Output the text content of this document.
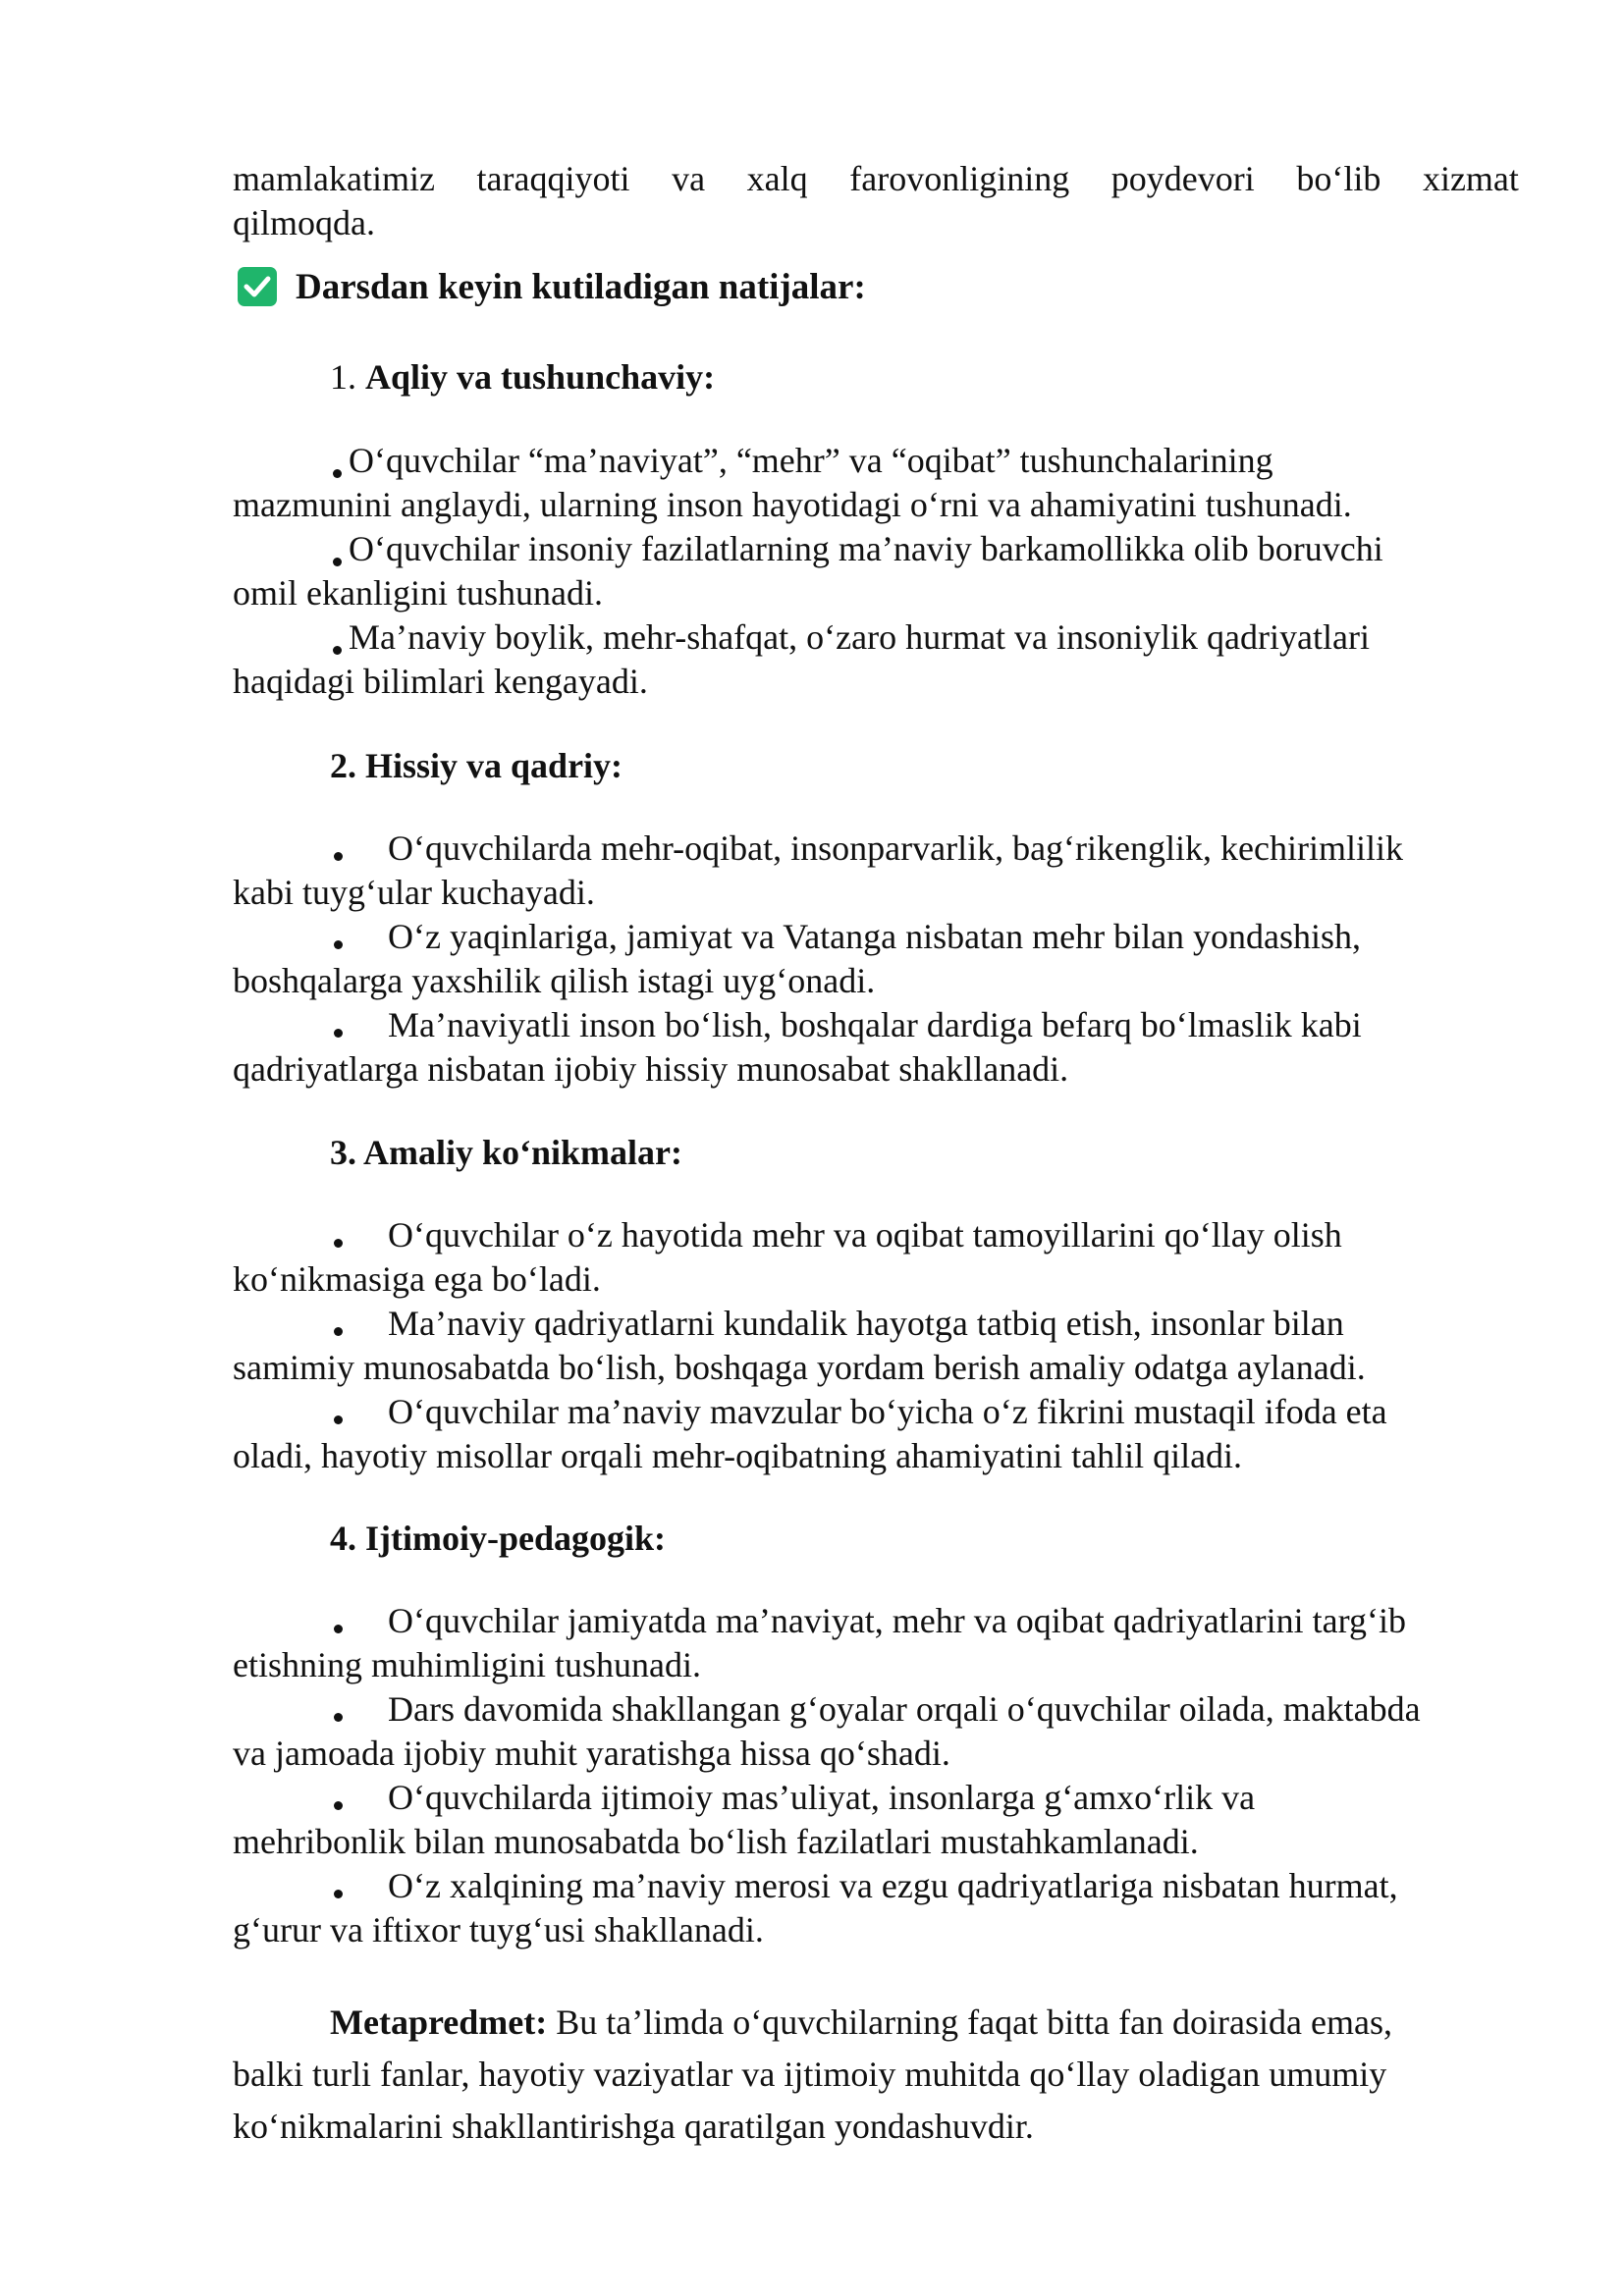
mamlakatimiz taraqqiyoti va xalq farovonligining poydevori bo‘lib xizmat
qilmoqda.
Darsdan keyin kutiladigan natijalar:
1. Aqliy va tushunchaviy:
O‘quvchilar “ma’naviyat”, “mehr” va “oqibat” tushunchalarining
mazmunini anglaydi, ularning inson hayotidagi o‘rni va ahamiyatini tushunadi.
O‘quvchilar insoniy fazilatlarning ma’naviy barkamollikka olib boruvchi
omil ekanligini tushunadi.
Ma’naviy boylik, mehr-shafqat, o‘zaro hurmat va insoniylik qadriyatlari
haqidagi bilimlari kengayadi.
2. Hissiy va qadriy:
O‘quvchilarda mehr-oqibat, insonparvarlik, bag‘rikenglik, kechirimlilik
kabi tuyg‘ular kuchayadi.
O‘z yaqinlariga, jamiyat va Vatanga nisbatan mehr bilan yondashish,
boshqalarga yaxshilik qilish istagi uyg‘onadi.
Ma’naviyatli inson bo‘lish, boshqalar dardiga befarq bo‘lmaslik kabi
qadriyatlarga nisbatan ijobiy hissiy munosabat shakllanadi.
3. Amaliy ko‘nikmalar:
O‘quvchilar o‘z hayotida mehr va oqibat tamoyillarini qo‘llay olish
ko‘nikmasiga ega bo‘ladi.
Ma’naviy qadriyatlarni kundalik hayotga tatbiq etish, insonlar bilan
samimiy munosabatda bo‘lish, boshqaga yordam berish amaliy odatga aylanadi.
O‘quvchilar ma’naviy mavzular bo‘yicha o‘z fikrini mustaqil ifoda eta
oladi, hayotiy misollar orqali mehr-oqibatning ahamiyatini tahlil qiladi.
4. Ijtimoiy-pedagogik:
O‘quvchilar jamiyatda ma’naviyat, mehr va oqibat qadriyatlarini targ‘ib
etishning muhimligini tushunadi.
Dars davomida shakllangan g‘oyalar orqali o‘quvchilar oilada, maktabda
va jamoada ijobiy muhit yaratishga hissa qo‘shadi.
O‘quvchilarda ijtimoiy mas’uliyat, insonlarga g‘amxo‘rlik va
mehribonlik bilan munosabatda bo‘lish fazilatlari mustahkamlanadi.
O‘z xalqining ma’naviy merosi va ezgu qadriyatlariga nisbatan hurmat,
g‘urur va iftixor tuyg‘usi shakllanadi.
Metapredmet: Bu ta’limda o‘quvchilarning faqat bitta fan doirasida emas,
balki turli fanlar, hayotiy vaziyatlar va ijtimoiy muhitda qo‘llay oladigan umumiy
ko‘nikmalarini shakllantirishga qaratilgan yondashuvdir.
